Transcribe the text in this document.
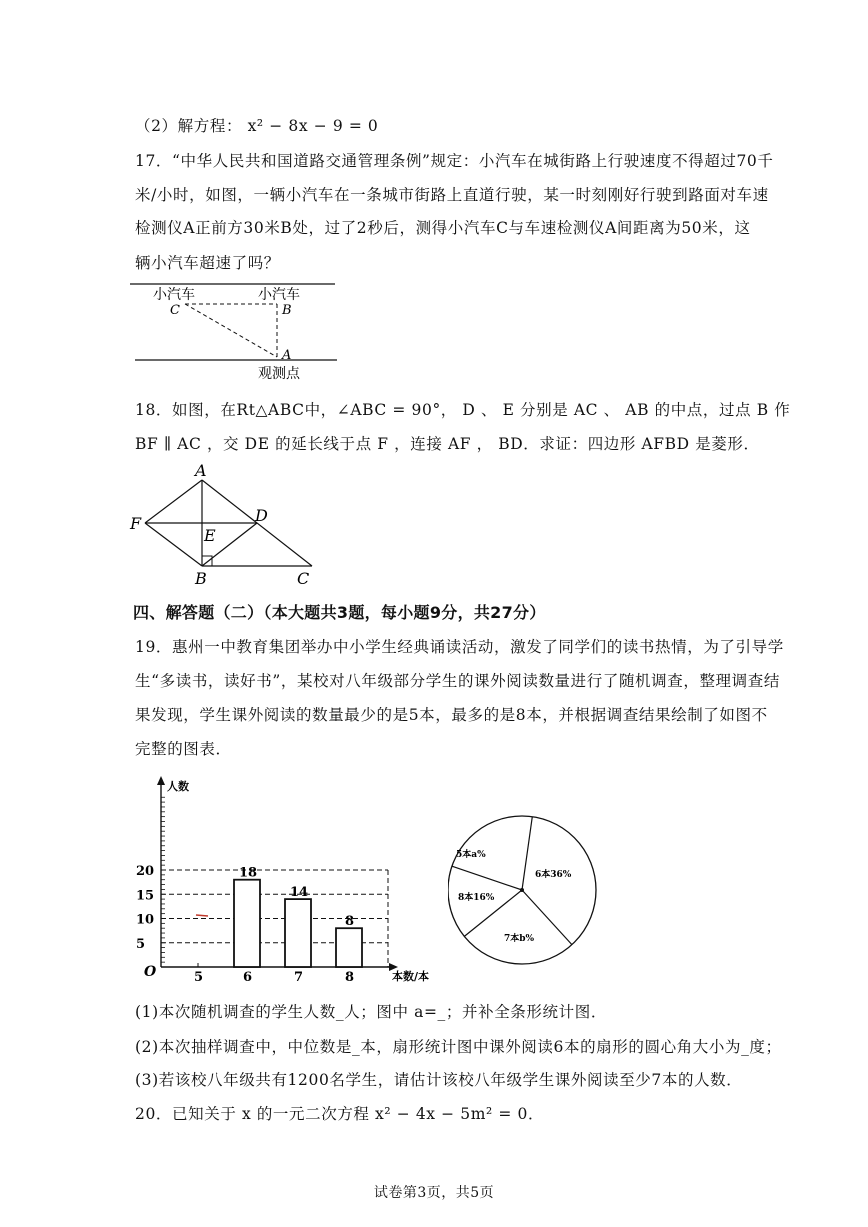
（2）解方程： x² − 8x − 9 = 0
17．“中华人民共和国道路交通管理条例”规定：小汽车在城街路上行驶速度不得超过70千
米/小时，如图，一辆小汽车在一条城市街路上直道行驶，某一时刻刚好行驶到路面对车速
检测仪A正前方30米B处，过了2秒后，测得小汽车C与车速检测仪A间距离为50米，这
辆小汽车超速了吗？
小汽车	小汽车
C	B
A
观测点
18．如图，在Rt△ABC中，∠ABC = 90°， D 、 E 分别是 AC 、 AB 的中点，过点 B 作
BF ∥ AC ，交 DE 的延长线于点 F ，连接 AF ， BD．求证：四边形 AFBD 是菱形．
A
F	D
E
B	C
四、解答题（二）（本大题共3题，每小题9分，共27分）
19．惠州一中教育集团举办中小学生经典诵读活动，激发了同学们的读书热情，为了引导学
生“多读书，读好书”，某校对八年级部分学生的课外阅读数量进行了随机调查，整理调查结
果发现，学生课外阅读的数量最少的是5本，最多的是8本，并根据调查结果绘制了如图不
完整的图表．
人数
本数/本
O
5
10
15
20
5	6
18
7
14
8
8
5本a%
6本36%
7本b%
8本16%
(1)本次随机调查的学生人数_人；图中 a=_；并补全条形统计图．
(2)本次抽样调查中，中位数是_本，扇形统计图中课外阅读6本的扇形的圆心角大小为_度；
(3)若该校八年级共有1200名学生，请估计该校八年级学生课外阅读至少7本的人数．
20．已知关于 x 的一元二次方程 x² − 4x − 5m² = 0．
试卷第3页，共5页
